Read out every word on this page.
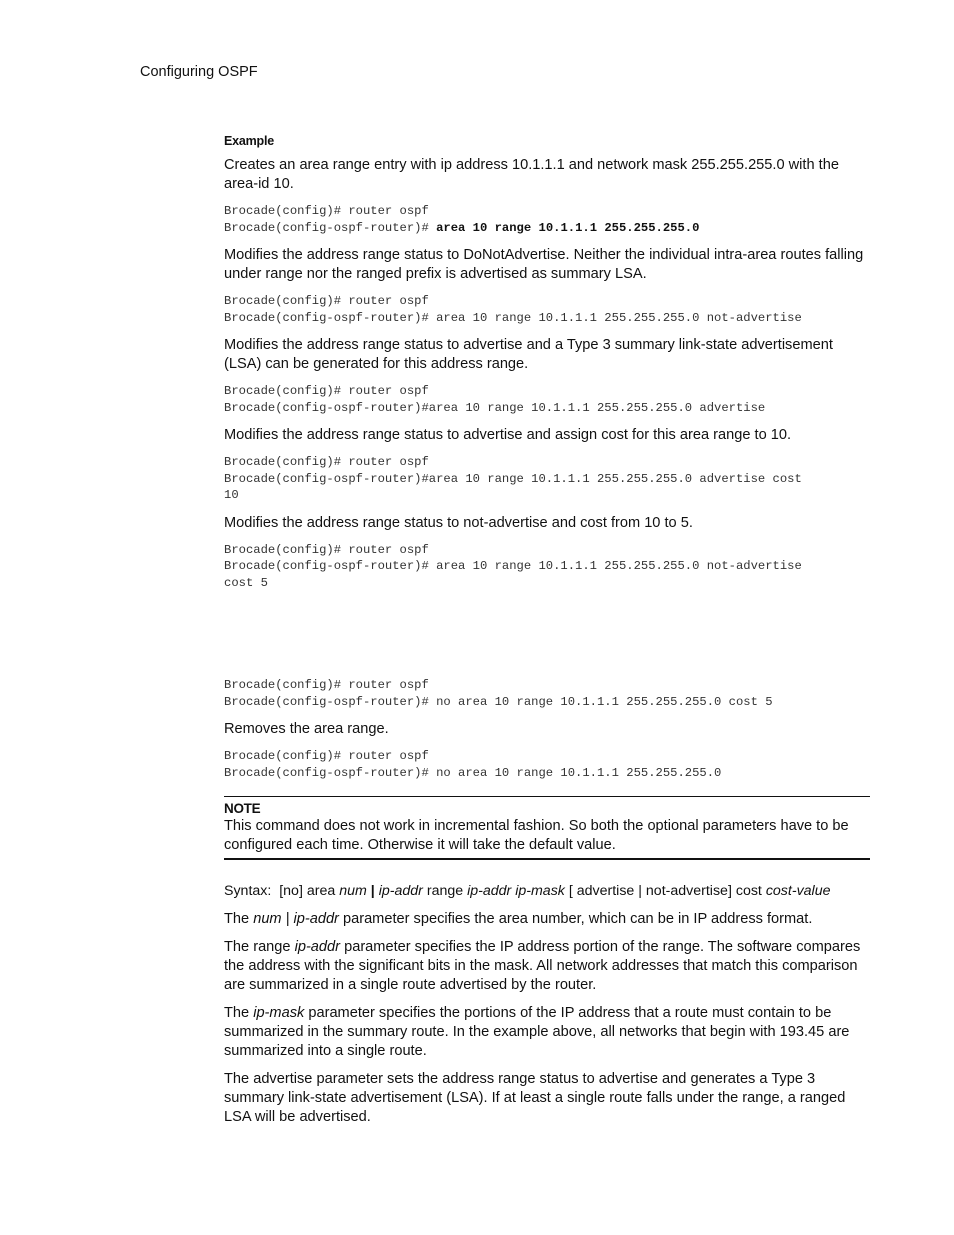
Configuring OSPF
Example
Creates an area range entry with ip address 10.1.1.1 and network mask 255.255.255.0 with the area-id 10.
Brocade(config)# router ospf
Brocade(config-ospf-router)# area 10 range 10.1.1.1 255.255.255.0
Modifies the address range status to DoNotAdvertise. Neither the individual intra-area routes falling under range nor the ranged prefix is advertised as summary LSA.
Brocade(config)# router ospf
Brocade(config-ospf-router)# area 10 range 10.1.1.1 255.255.255.0 not-advertise
Modifies the address range status to advertise and a Type 3 summary link-state advertisement (LSA) can be generated for this address range.
Brocade(config)# router ospf
Brocade(config-ospf-router)#area 10 range 10.1.1.1 255.255.255.0 advertise
Modifies the address range status to advertise and assign cost for this area range to 10.
Brocade(config)# router ospf
Brocade(config-ospf-router)#area 10 range 10.1.1.1 255.255.255.0 advertise cost
10
Modifies the address range status to not-advertise and cost from 10 to 5.
Brocade(config)# router ospf
Brocade(config-ospf-router)# area 10 range 10.1.1.1 255.255.255.0 not-advertise
cost 5
Brocade(config)# router ospf
Brocade(config-ospf-router)# no area 10 range 10.1.1.1 255.255.255.0 cost 5
Removes the area range.
Brocade(config)# router ospf
Brocade(config-ospf-router)# no area 10 range 10.1.1.1 255.255.255.0
NOTE
This command does not work in incremental fashion. So both the optional parameters have to be configured each time. Otherwise it will take the default value.
Syntax: [no] area num | ip-addr range ip-addr ip-mask [ advertise | not-advertise] cost cost-value
The num | ip-addr parameter specifies the area number, which can be in IP address format.
The range ip-addr parameter specifies the IP address portion of the range. The software compares the address with the significant bits in the mask. All network addresses that match this comparison are summarized in a single route advertised by the router.
The ip-mask parameter specifies the portions of the IP address that a route must contain to be summarized in the summary route. In the example above, all networks that begin with 193.45 are summarized into a single route.
The advertise parameter sets the address range status to advertise and generates a Type 3 summary link-state advertisement (LSA). If at least a single route falls under the range, a ranged LSA will be advertised.
